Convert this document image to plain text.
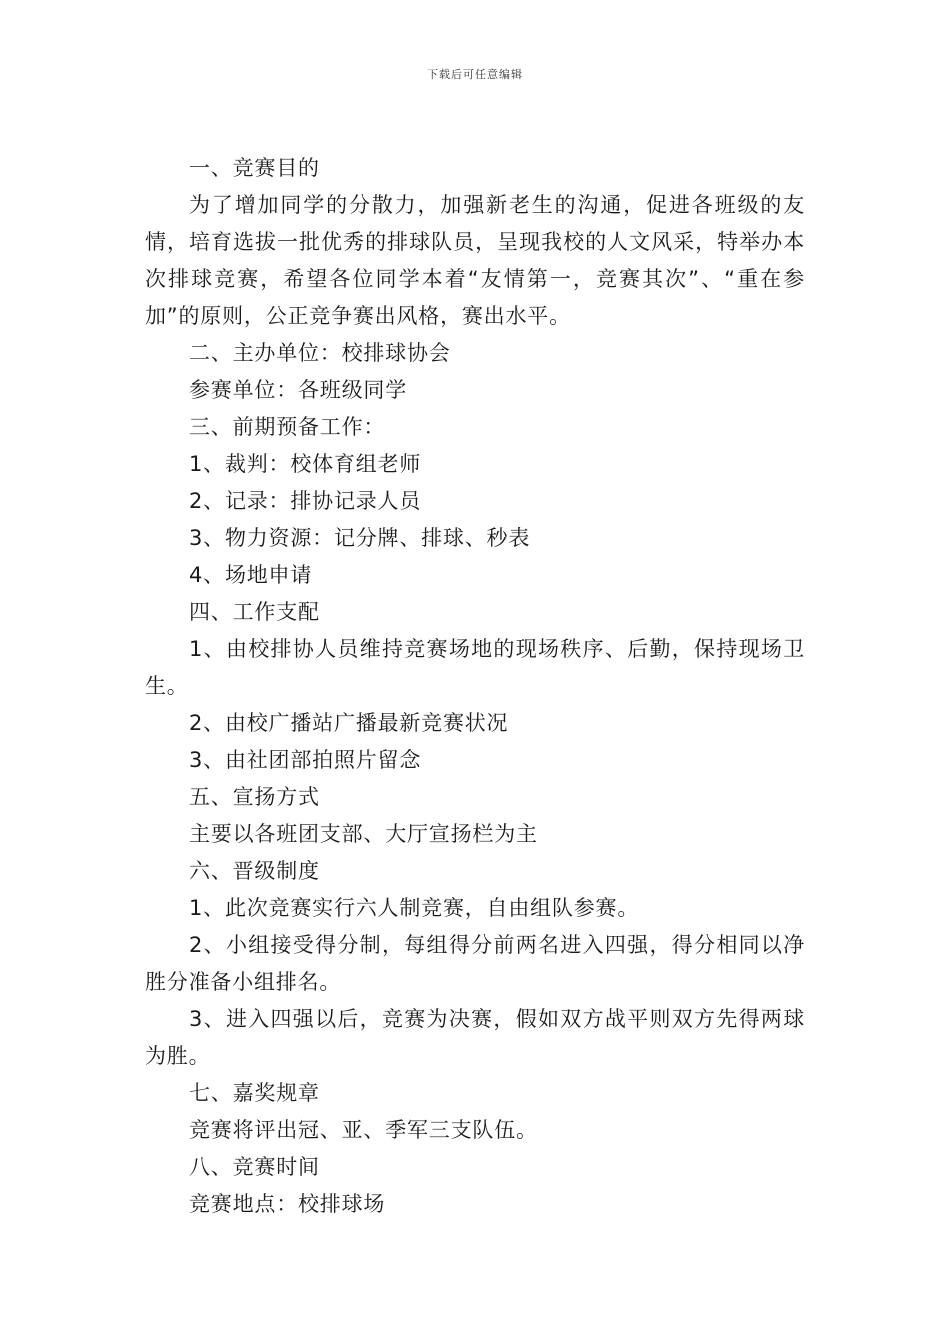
下载后可任意编辑

一、竞赛目的

为了增加同学的分散力，加强新老生的沟通，促进各班级的友情，培育选拔一批优秀的排球队员，呈现我校的人文风采，特举办本次排球竞赛，希望各位同学本着“友情第一，竞赛其次”、“重在参加”的原则，公正竞争赛出风格，赛出水平。

二、主办单位：校排球协会

参赛单位：各班级同学

三、前期预备工作：

1、裁判：校体育组老师

2、记录：排协记录人员

3、物力资源：记分牌、排球、秒表

4、场地申请

四、工作支配

1、由校排协人员维持竞赛场地的现场秩序、后勤，保持现场卫生。

2、由校广播站广播最新竞赛状况

3、由社团部拍照片留念

五、宣扬方式

主要以各班团支部、大厅宣扬栏为主

六、晋级制度

1、此次竞赛实行六人制竞赛，自由组队参赛。

2、小组接受得分制，每组得分前两名进入四强，得分相同以净胜分准备小组排名。

3、进入四强以后，竞赛为决赛，假如双方战平则双方先得两球为胜。

七、嘉奖规章

竞赛将评出冠、亚、季军三支队伍。

八、竞赛时间

竞赛地点：校排球场
